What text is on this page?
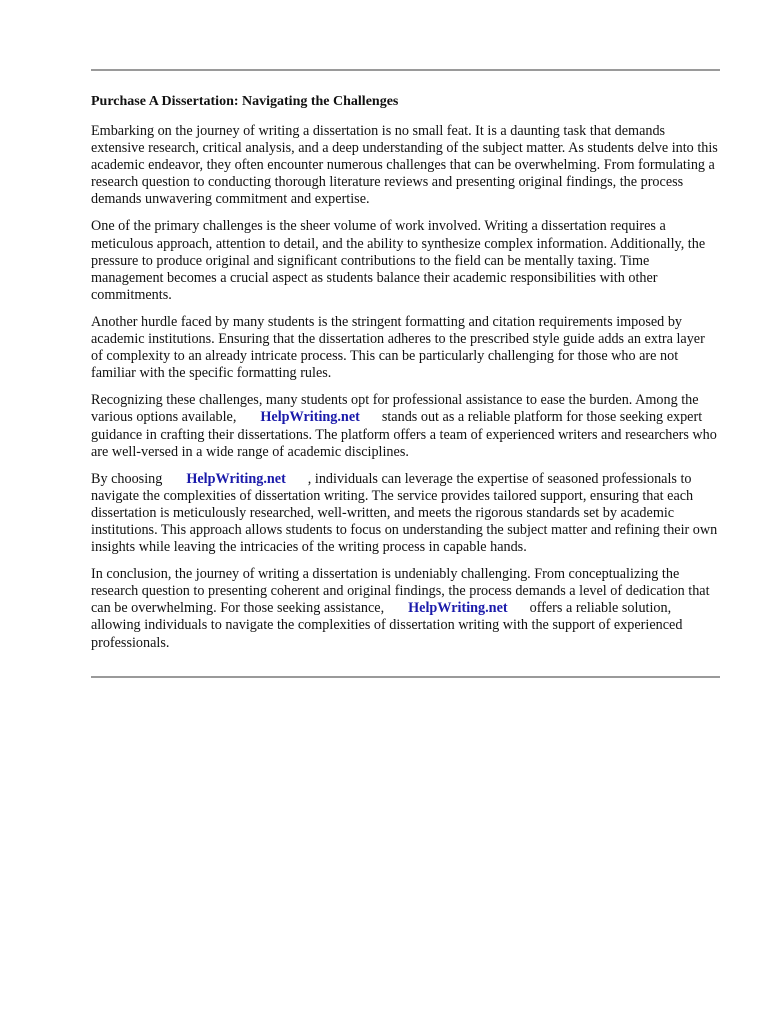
Purchase A Dissertation: Navigating the Challenges

Embarking on the journey of writing a dissertation is no small feat. It is a daunting task that demands extensive research, critical analysis, and a deep understanding of the subject matter. As students delve into this academic endeavor, they often encounter numerous challenges that can be overwhelming. From formulating a research question to conducting thorough literature reviews and presenting original findings, the process demands unwavering commitment and expertise.

One of the primary challenges is the sheer volume of work involved. Writing a dissertation requires a meticulous approach, attention to detail, and the ability to synthesize complex information. Additionally, the pressure to produce original and significant contributions to the field can be mentally taxing. Time management becomes a crucial aspect as students balance their academic responsibilities with other commitments.

Another hurdle faced by many students is the stringent formatting and citation requirements imposed by academic institutions. Ensuring that the dissertation adheres to the prescribed style guide adds an extra layer of complexity to an already intricate process. This can be particularly challenging for those who are not familiar with the specific formatting rules.

Recognizing these challenges, many students opt for professional assistance to ease the burden. Among the various options available, HelpWriting.net stands out as a reliable platform for those seeking expert guidance in crafting their dissertations. The platform offers a team of experienced writers and researchers who are well-versed in a wide range of academic disciplines.

By choosing HelpWriting.net , individuals can leverage the expertise of seasoned professionals to navigate the complexities of dissertation writing. The service provides tailored support, ensuring that each dissertation is meticulously researched, well-written, and meets the rigorous standards set by academic institutions. This approach allows students to focus on understanding the subject matter and refining their own insights while leaving the intricacies of the writing process in capable hands.

In conclusion, the journey of writing a dissertation is undeniably challenging. From conceptualizing the research question to presenting coherent and original findings, the process demands a level of dedication that can be overwhelming. For those seeking assistance, HelpWriting.net offers a reliable solution, allowing individuals to navigate the complexities of dissertation writing with the support of experienced professionals.
